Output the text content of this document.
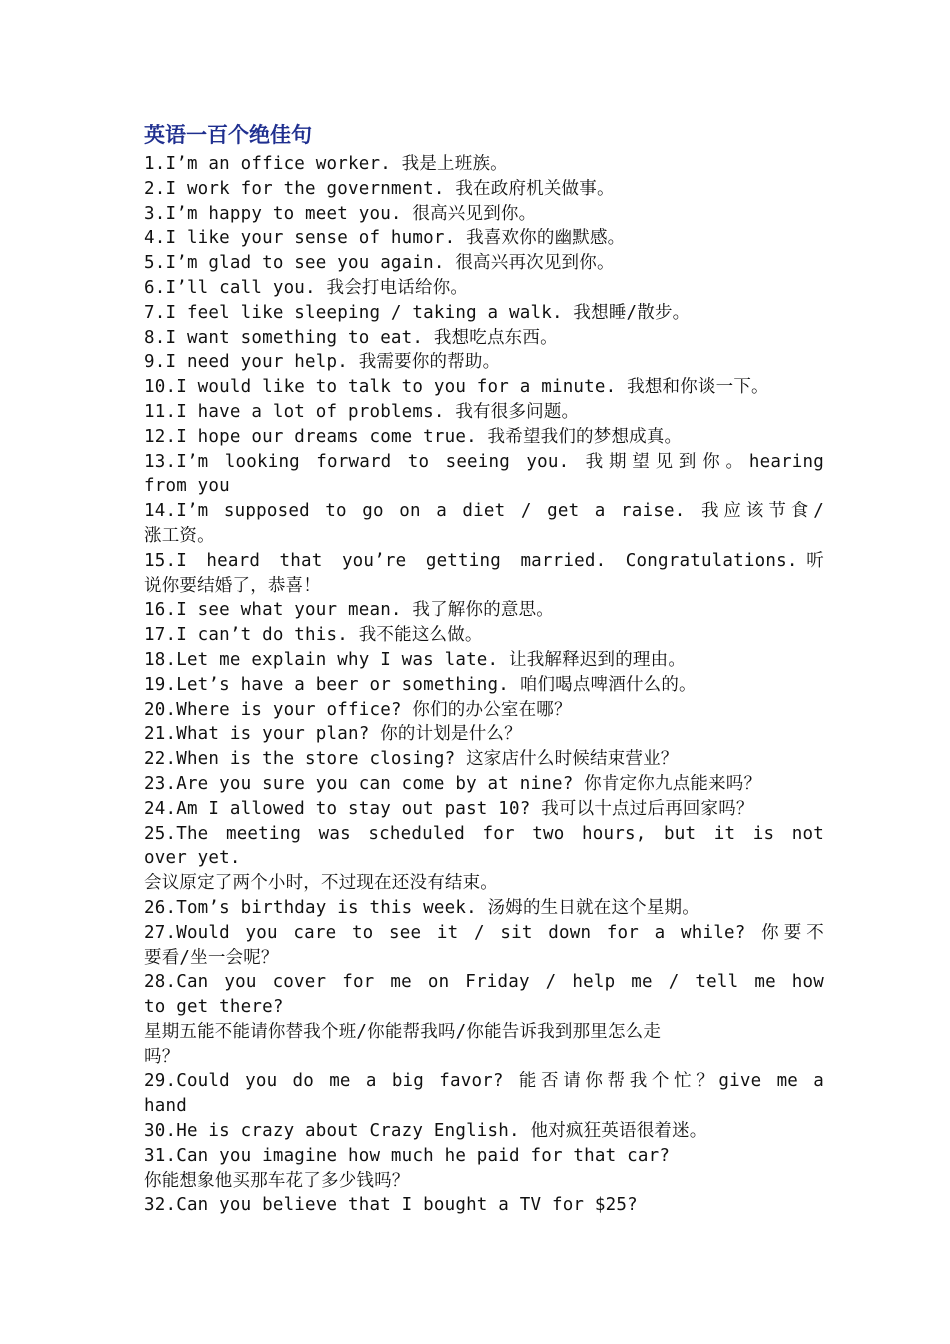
英语一百个绝佳句
1.I’m an office worker. 我是上班族。
2.I work for the government. 我在政府机关做事。
3.I’m happy to meet you. 很高兴见到你。
4.I like your sense of humor. 我喜欢你的幽默感。
5.I’m glad to see you again. 很高兴再次见到你。
6.I’ll call you. 我会打电话给你。
7.I feel like sleeping / taking a walk. 我想睡/散步。
8.I want something to eat. 我想吃点东西。
9.I need your help. 我需要你的帮助。
10.I would like to talk to you for a minute. 我想和你谈一下。
11.I have a lot of problems. 我有很多问题。
12.I hope our dreams come true. 我希望我们的梦想成真。
13.I’m looking forward to seeing you. 我期望见到你。hearing
from you
14.I’m supposed to go on a diet / get a raise. 我应该节食/
涨工资。
15.I heard that you’re getting married. Congratulations.听
说你要结婚了，恭喜！
16.I see what your mean. 我了解你的意思。
17.I can’t do this. 我不能这么做。
18.Let me explain why I was late. 让我解释迟到的理由。
19.Let’s have a beer or something. 咱们喝点啤酒什么的。
20.Where is your office? 你们的办公室在哪？
21.What is your plan? 你的计划是什么？
22.When is the store closing? 这家店什么时候结束营业？
23.Are you sure you can come by at nine? 你肯定你九点能来吗？
24.Am I allowed to stay out past 10? 我可以十点过后再回家吗？
25.The meeting was scheduled for two hours, but it is not
over yet.
会议原定了两个小时，不过现在还没有结束。
26.Tom’s birthday is this week. 汤姆的生日就在这个星期。
27.Would you care to see it / sit down for a while? 你要不
要看/坐一会呢？
28.Can you cover for me on Friday / help me / tell me how
to get there?
星期五能不能请你替我个班/你能帮我吗/你能告诉我到那里怎么走
吗？
29.Could you do me a big favor? 能否请你帮我个忙？give me a
hand
30.He is crazy about Crazy English. 他对疯狂英语很着迷。
31.Can you imagine how much he paid for that car?
你能想象他买那车花了多少钱吗？
32.Can you believe that I bought a TV for $25?
